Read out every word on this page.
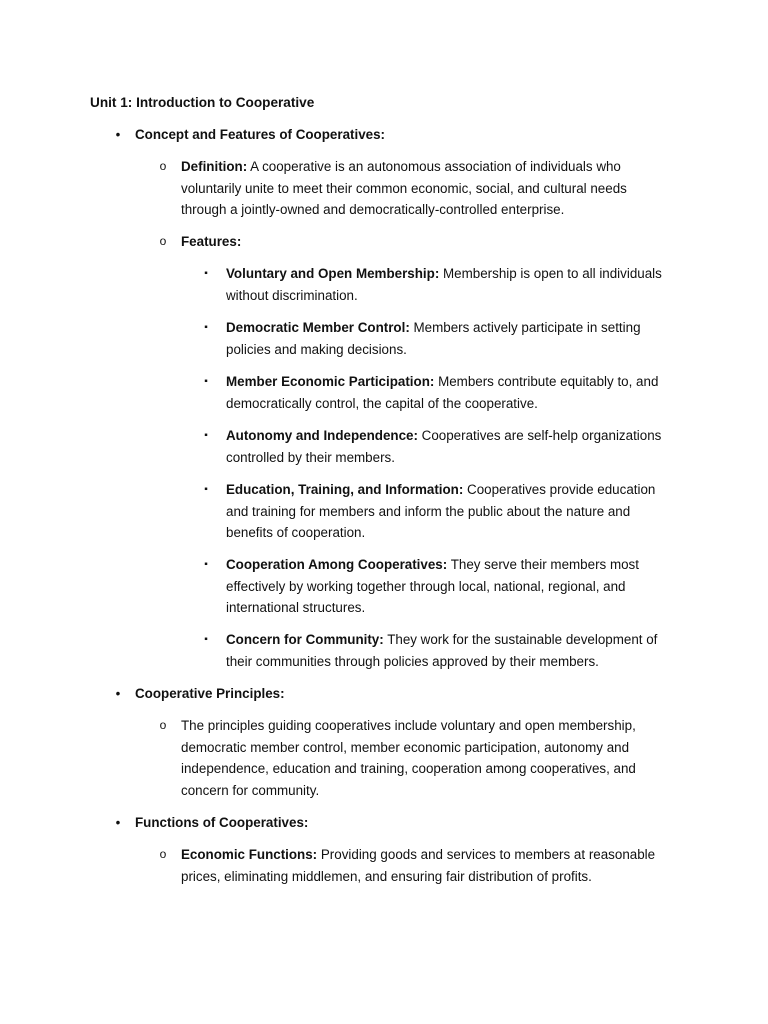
Unit 1: Introduction to Cooperative
• Concept and Features of Cooperatives:
o Definition: A cooperative is an autonomous association of individuals who voluntarily unite to meet their common economic, social, and cultural needs through a jointly-owned and democratically-controlled enterprise.
o Features:
▪ Voluntary and Open Membership: Membership is open to all individuals without discrimination.
▪ Democratic Member Control: Members actively participate in setting policies and making decisions.
▪ Member Economic Participation: Members contribute equitably to, and democratically control, the capital of the cooperative.
▪ Autonomy and Independence: Cooperatives are self-help organizations controlled by their members.
▪ Education, Training, and Information: Cooperatives provide education and training for members and inform the public about the nature and benefits of cooperation.
▪ Cooperation Among Cooperatives: They serve their members most effectively by working together through local, national, regional, and international structures.
▪ Concern for Community: They work for the sustainable development of their communities through policies approved by their members.
• Cooperative Principles:
o The principles guiding cooperatives include voluntary and open membership, democratic member control, member economic participation, autonomy and independence, education and training, cooperation among cooperatives, and concern for community.
• Functions of Cooperatives:
o Economic Functions: Providing goods and services to members at reasonable prices, eliminating middlemen, and ensuring fair distribution of profits.
